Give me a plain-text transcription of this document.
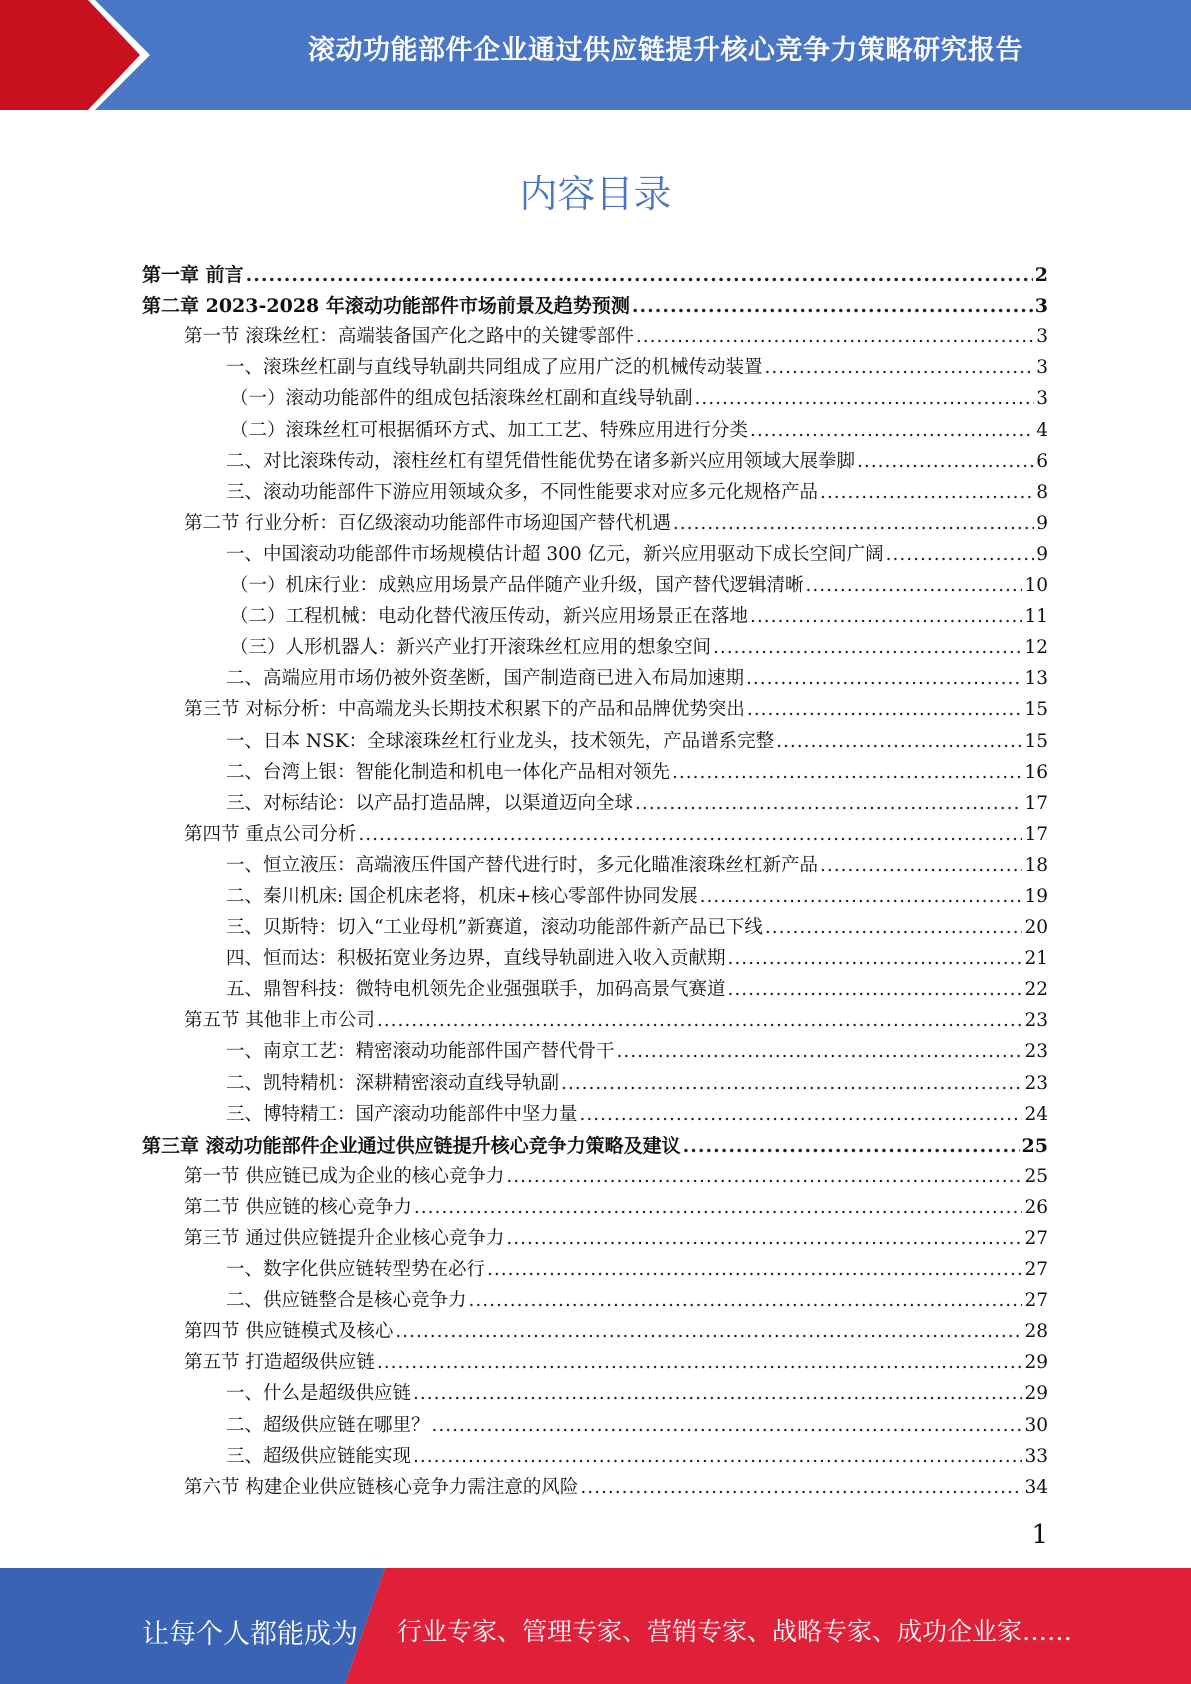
滚动功能部件企业通过供应链提升核心竞争力策略研究报告
内容目录
第一章 前言 .....	2
第二章 2023-2028 年滚动功能部件市场前景及趋势预测 .....	3
第一节 滚珠丝杠：高端装备国产化之路中的关键零部件 .....	3
一、滚珠丝杠副与直线导轨副共同组成了应用广泛的机械传动装置 .....	3
（一）滚动功能部件的组成包括滚珠丝杠副和直线导轨副 .....	3
（二）滚珠丝杠可根据循环方式、加工工艺、特殊应用进行分类 .....	4
二、对比滚珠传动，滚柱丝杠有望凭借性能优势在诸多新兴应用领域大展拳脚 .....	6
三、滚动功能部件下游应用领域众多，不同性能要求对应多元化规格产品 .....	8
第二节 行业分析：百亿级滚动功能部件市场迎国产替代机遇 .....	9
一、中国滚动功能部件市场规模估计超 300 亿元，新兴应用驱动下成长空间广阔 .....	9
（一）机床行业：成熟应用场景产品伴随产业升级，国产替代逻辑清晰 .....	10
（二）工程机械：电动化替代液压传动，新兴应用场景正在落地 .....	11
（三）人形机器人：新兴产业打开滚珠丝杠应用的想象空间 .....	12
二、高端应用市场仍被外资垄断，国产制造商已进入布局加速期 .....	13
第三节 对标分析：中高端龙头长期技术积累下的产品和品牌优势突出 .....	15
一、日本 NSK：全球滚珠丝杠行业龙头，技术领先，产品谱系完整 .....	15
二、台湾上银：智能化制造和机电一体化产品相对领先 .....	16
三、对标结论：以产品打造品牌，以渠道迈向全球 .....	17
第四节 重点公司分析 .....	17
一、恒立液压：高端液压件国产替代进行时，多元化瞄准滚珠丝杠新产品 .....	18
二、秦川机床: 国企机床老将，机床+核心零部件协同发展 .....	19
三、贝斯特：切入“工业母机”新赛道，滚动功能部件新产品已下线 .....	20
四、恒而达：积极拓宽业务边界，直线导轨副进入收入贡献期 .....	21
五、鼎智科技：微特电机领先企业强强联手，加码高景气赛道 .....	22
第五节 其他非上市公司 .....	23
一、南京工艺：精密滚动功能部件国产替代骨干 .....	23
二、凯特精机：深耕精密滚动直线导轨副 .....	23
三、博特精工：国产滚动功能部件中坚力量 .....	24
第三章 滚动功能部件企业通过供应链提升核心竞争力策略及建议 .....	25
第一节 供应链已成为企业的核心竞争力 .....	25
第二节 供应链的核心竞争力 .....	26
第三节 通过供应链提升企业核心竞争力 .....	27
一、数字化供应链转型势在必行 .....	27
二、供应链整合是核心竞争力 .....	27
第四节 供应链模式及核心 .....	28
第五节 打造超级供应链 .....	29
一、什么是超级供应链 .....	29
二、超级供应链在哪里？ .....	30
三、超级供应链能实现 .....	33
第六节 构建企业供应链核心竞争力需注意的风险 .....	34
1
让每个人都能成为 行业专家、管理专家、营销专家、战略专家、成功企业家……
